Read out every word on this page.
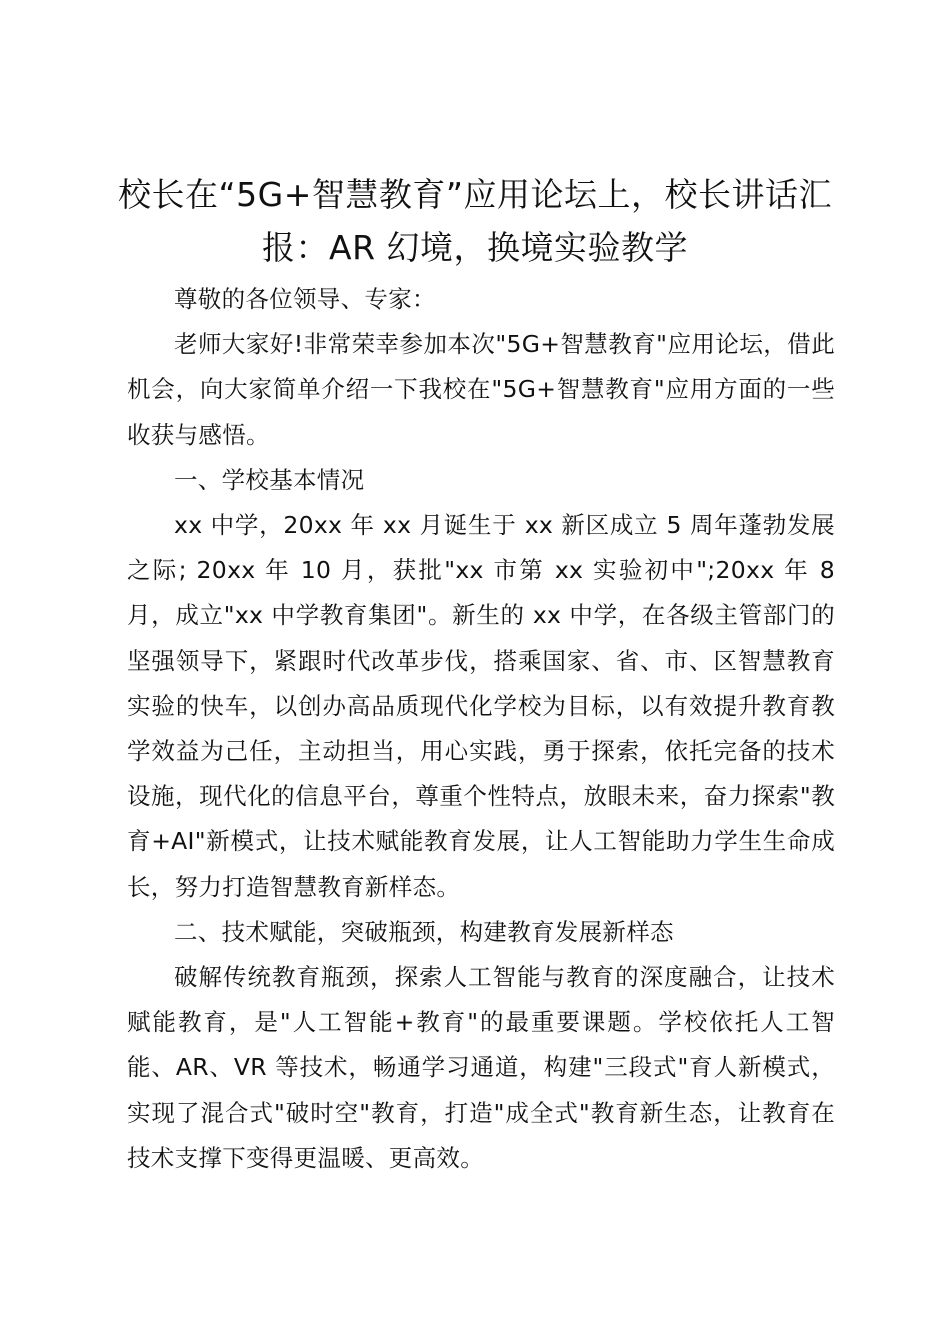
校长在“5G+智慧教育”应用论坛上，校长讲话汇报：AR 幻境，换境实验教学

尊敬的各位领导、专家：

老师大家好!非常荣幸参加本次"5G+智慧教育"应用论坛，借此机会，向大家简单介绍一下我校在"5G+智慧教育"应用方面的一些收获与感悟。

一、学校基本情况

xx 中学，20xx 年 xx 月诞生于 xx 新区成立 5 周年蓬勃发展之际; 20xx 年 10 月，获批"xx 市第 xx 实验初中";20xx 年 8 月，成立"xx 中学教育集团"。新生的 xx 中学，在各级主管部门的坚强领导下，紧跟时代改革步伐，搭乘国家、省、市、区智慧教育实验的快车，以创办高品质现代化学校为目标，以有效提升教育教学效益为己任，主动担当，用心实践，勇于探索，依托完备的技术设施，现代化的信息平台，尊重个性特点，放眼未来，奋力探索"教育+AI"新模式，让技术赋能教育发展，让人工智能助力学生生命成长，努力打造智慧教育新样态。

二、技术赋能，突破瓶颈，构建教育发展新样态

破解传统教育瓶颈，探索人工智能与教育的深度融合，让技术赋能教育，是"人工智能+教育"的最重要课题。学校依托人工智能、AR、VR 等技术，畅通学习通道，构建"三段式"育人新模式，实现了混合式"破时空"教育，打造"成全式"教育新生态，让教育在技术支撑下变得更温暖、更高效。
